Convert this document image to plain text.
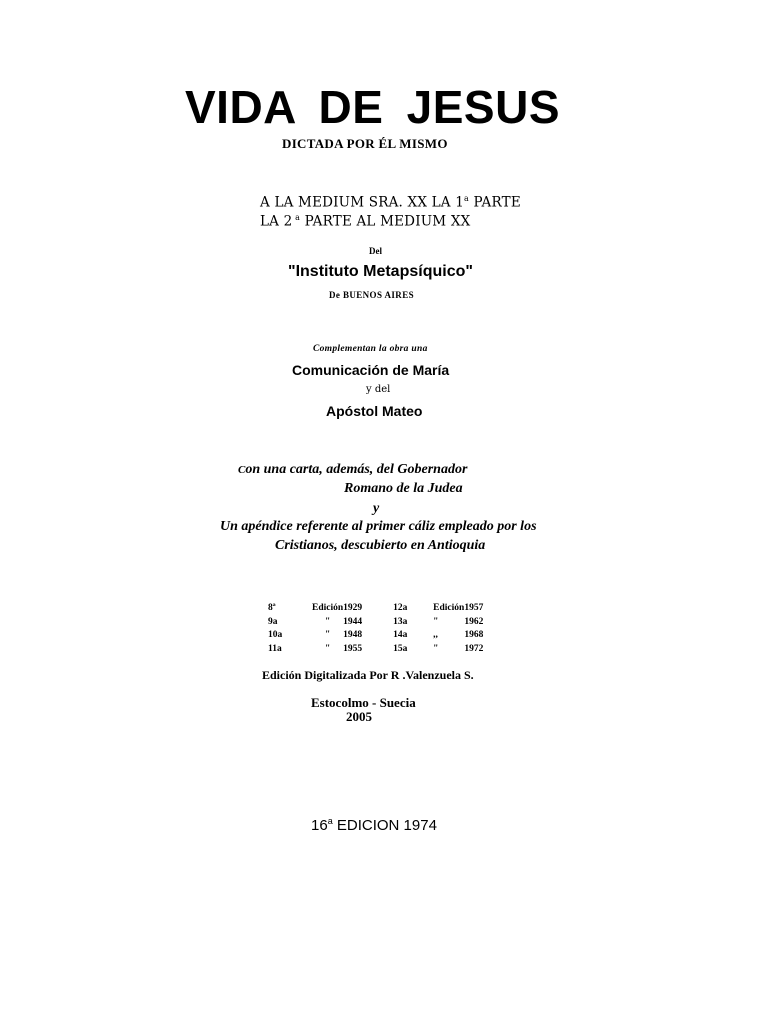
VIDA DE JESUS
DICTADA POR ÉL MISMO
A LA MEDIUM SRA. XX LA 1$^a$ PARTE
LA 2 $^a$ PARTE AL MEDIUM XX
Del
"Instituto Metapsíquico"
De BUENOS AIRES
Complementan la obra una
Comunicación de María
y del
Apóstol Mateo
Con una carta, además, del Gobernador
Romano de la Judea
y
Un apéndice referente al primer cáliz empleado por los
Cristianos, descubierto en Antioquia
8ª	Edición	1929	12a	Edición	1957
9a	"	1944	13a	"	1962
10a	"	1948	14a	,,	1968
11a	"	1955	15a	"	1972
Edición Digitalizada Por R .Valenzuela S.
Estocolmo - Suecia
2005
16$^a$ EDICION 1974
